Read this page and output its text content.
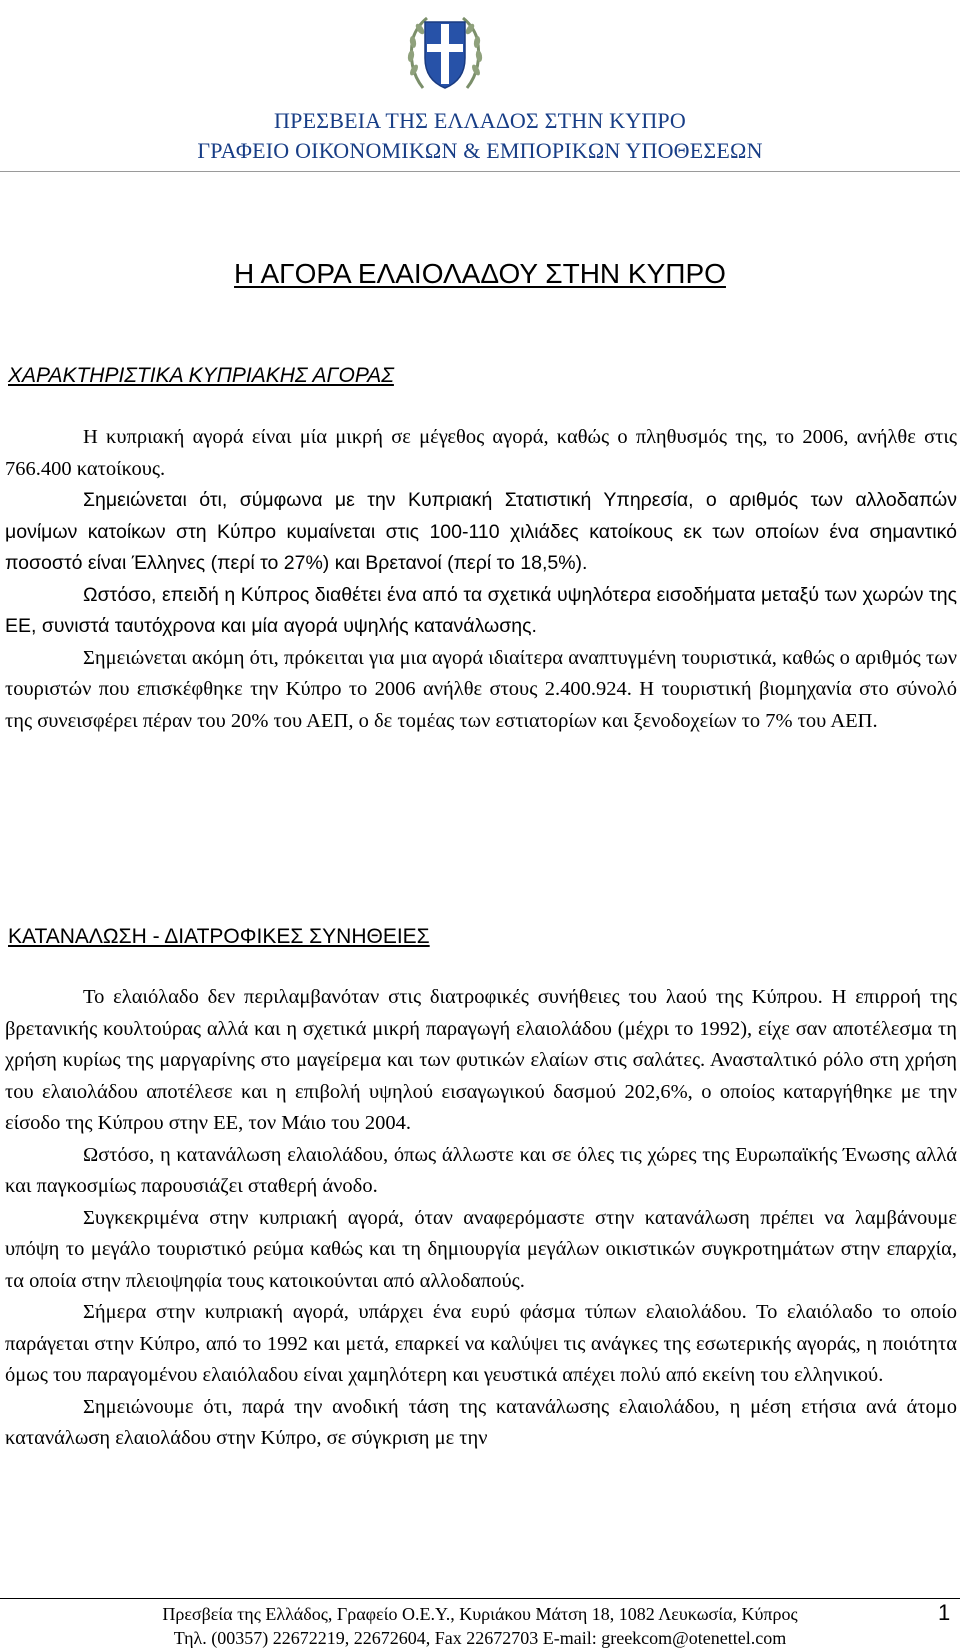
ΠΡΕΣΒΕΙΑ ΤΗΣ ΕΛΛΑΔΟΣ ΣΤΗΝ ΚΥΠΡΟ
ΓΡΑΦΕΙΟ ΟΙΚΟΝΟΜΙΚΩΝ & ΕΜΠΟΡΙΚΩΝ ΥΠΟΘΕΣΕΩΝ
Η ΑΓΟΡΑ ΕΛΑΙΟΛΑΔΟΥ ΣΤΗΝ ΚΥΠΡΟ
ΧΑΡΑΚΤΗΡΙΣΤΙΚΑ ΚΥΠΡΙΑΚΗΣ ΑΓΟΡΑΣ

Η κυπριακή αγορά είναι μία μικρή σε μέγεθος αγορά, καθώς ο πληθυσμός της, το 2006, ανήλθε στις 766.400 κατοίκους.

Σημειώνεται ότι, σύμφωνα με την Κυπριακή Στατιστική Υπηρεσία, ο αριθμός των αλλοδαπών μονίμων κατοίκων στη Κύπρο κυμαίνεται στις 100-110 χιλιάδες κατοίκους εκ των οποίων ένα σημαντικό ποσοστό είναι Έλληνες (περί το 27%) και Βρετανοί (περί το 18,5%).

Ωστόσο, επειδή η Κύπρος διαθέτει ένα από τα σχετικά υψηλότερα εισοδήματα μεταξύ των χωρών της ΕΕ, συνιστά ταυτόχρονα και μία αγορά υψηλής κατανάλωσης.

Σημειώνεται ακόμη ότι, πρόκειται για μια αγορά ιδιαίτερα αναπτυγμένη τουριστικά, καθώς ο αριθμός των τουριστών που επισκέφθηκε την Κύπρο το 2006 ανήλθε στους 2.400.924. Η τουριστική βιομηχανία στο σύνολό της συνεισφέρει πέραν του 20% του ΑΕΠ, ο δε τομέας των εστιατορίων και ξενοδοχείων το 7% του ΑΕΠ.

ΚΑΤΑΝΑΛΩΣΗ - ΔΙΑΤΡΟΦΙΚΕΣ ΣΥΝΗΘΕΙΕΣ

Το ελαιόλαδο δεν περιλαμβανόταν στις διατροφικές συνήθειες του λαού της Κύπρου. Η επιρροή της βρετανικής κουλτούρας αλλά και η σχετικά μικρή παραγωγή ελαιολάδου (μέχρι το 1992), είχε σαν αποτέλεσμα τη χρήση κυρίως της μαργαρίνης στο μαγείρεμα και των φυτικών ελαίων στις σαλάτες. Ανασταλτικό ρόλο στη χρήση του ελαιολάδου αποτέλεσε και η επιβολή υψηλού εισαγωγικού δασμού 202,6%, ο οποίος καταργήθηκε με την είσοδο της Κύπρου στην ΕΕ, τον Μάιο του 2004.

Ωστόσο, η κατανάλωση ελαιολάδου, όπως άλλωστε και σε όλες τις χώρες της Ευρωπαϊκής Ένωσης αλλά και παγκοσμίως παρουσιάζει σταθερή άνοδο.

Συγκεκριμένα στην κυπριακή αγορά, όταν αναφερόμαστε στην κατανάλωση πρέπει να λαμβάνουμε υπόψη το μεγάλο τουριστικό ρεύμα καθώς και τη δημιουργία μεγάλων οικιστικών συγκροτημάτων στην επαρχία, τα οποία στην πλειοψηφία τους κατοικούνται από αλλοδαπούς.

Σήμερα στην κυπριακή αγορά, υπάρχει ένα ευρύ φάσμα τύπων ελαιολάδου. Το ελαιόλαδο το οποίο παράγεται στην Κύπρο, από το 1992 και μετά, επαρκεί να καλύψει τις ανάγκες της εσωτερικής αγοράς, η ποιότητα όμως του παραγομένου ελαιόλαδου είναι χαμηλότερη και γευστικά απέχει πολύ από εκείνη του ελληνικού.

Σημειώνουμε ότι, παρά την ανοδική τάση της κατανάλωσης ελαιολάδου, η μέση ετήσια ανά άτομο κατανάλωση ελαιολάδου στην Κύπρο, σε σύγκριση με την

Πρεσβεία της Ελλάδος, Γραφείο Ο.Ε.Υ., Κυριάκου Μάτση 18, 1082 Λευκωσία, Κύπρος
Τηλ. (00357) 22672219, 22672604, Fax 22672703 E-mail: greekcom@otenettel.com
1
